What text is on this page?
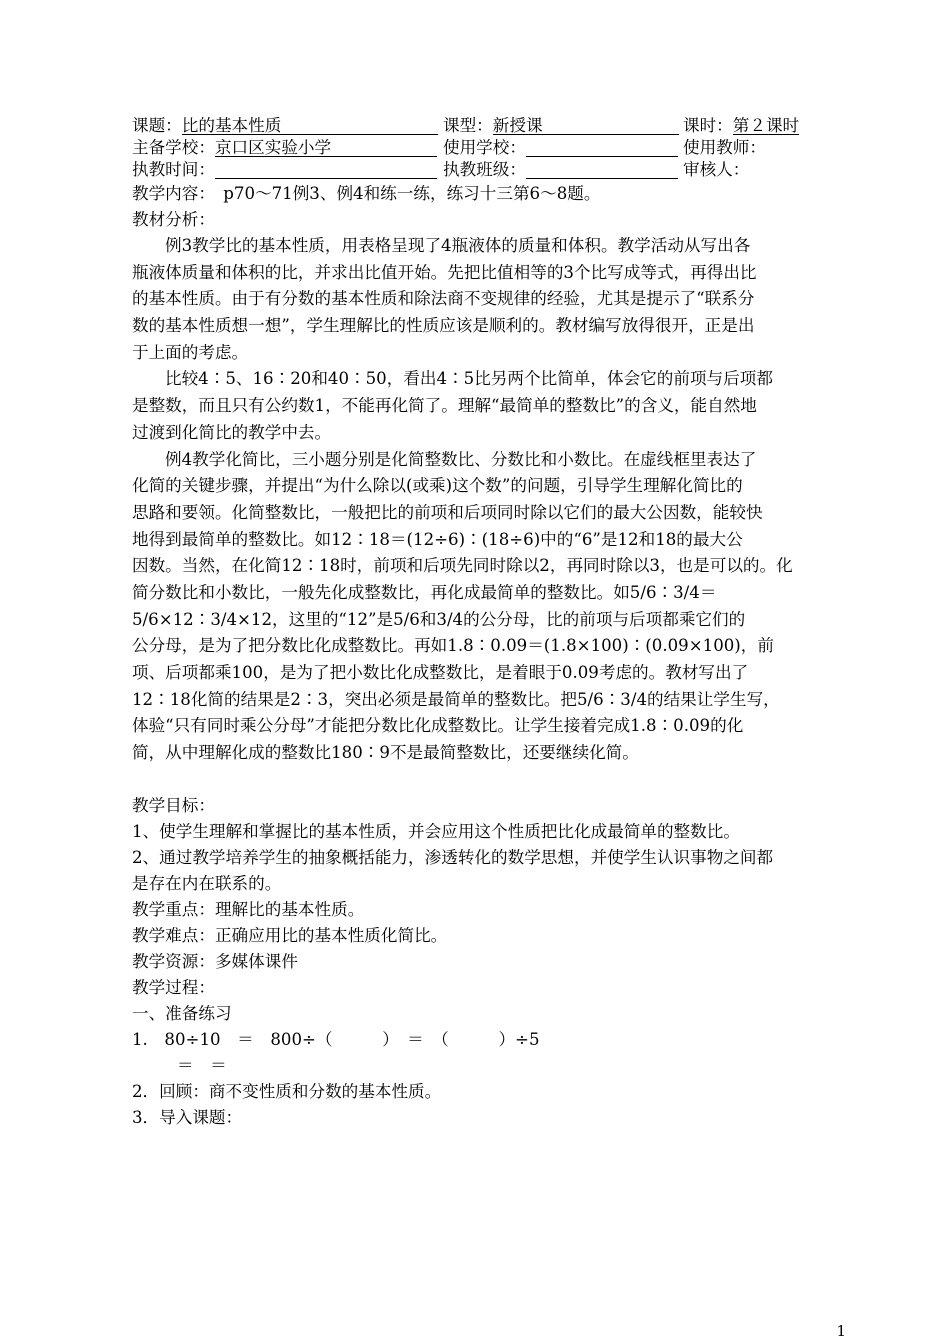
课题： 比的基本性质	课型： 新授课	课时： 第２课时
主备学校： 京口区实验小学	使用学校：	使用教师：
执教时间：	执教班级：	审核人：
教学内容：　p70～71例3、例4和练一练，练习十三第6～8题。
教材分析：
例3教学比的基本性质，用表格呈现了4瓶液体的质量和体积。教学活动从写出各
瓶液体质量和体积的比，并求出比值开始。先把比值相等的3个比写成等式，再得出比
的基本性质。由于有分数的基本性质和除法商不变规律的经验，尤其是提示了“联系分
数的基本性质想一想”，学生理解比的性质应该是顺利的。教材编写放得很开，正是出
于上面的考虑。
比较4∶5、16∶20和40∶50，看出4∶5比另两个比简单，体会它的前项与后项都
是整数，而且只有公约数1，不能再化简了。理解“最简单的整数比”的含义，能自然地
过渡到化简比的教学中去。
例4教学化简比，三小题分别是化简整数比、分数比和小数比。在虚线框里表达了
化简的关键步骤，并提出“为什么除以(或乘)这个数”的问题，引导学生理解化简比的
思路和要领。化简整数比，一般把比的前项和后项同时除以它们的最大公因数，能较快
地得到最简单的整数比。如12∶18＝(12÷6)∶(18÷6)中的“6”是12和18的最大公
因数。当然，在化简12∶18时，前项和后项先同时除以2，再同时除以3，也是可以的。化
简分数比和小数比，一般先化成整数比，再化成最简单的整数比。如5/6∶3/4＝
5/6×12∶3/4×12，这里的“12”是5/6和3/4的公分母，比的前项与后项都乘它们的
公分母，是为了把分数比化成整数比。再如1.8∶0.09＝(1.8×100)∶(0.09×100)，前
项、后项都乘100，是为了把小数比化成整数比，是着眼于0.09考虑的。教材写出了
12∶18化简的结果是2∶3，突出必须是最简单的整数比。把5/6∶3/4的结果让学生写，
体验“只有同时乘公分母”才能把分数比化成整数比。让学生接着完成1.8∶0.09的化
简，从中理解化成的整数比180∶9不是最简整数比，还要继续化简。
教学目标：
1、使学生理解和掌握比的基本性质，并会应用这个性质把比化成最简单的整数比。
2、通过教学培养学生的抽象概括能力，渗透转化的数学思想，并使学生认识事物之间都
是存在内在联系的。
教学重点：理解比的基本性质。
教学难点：正确应用比的基本性质化简比。
教学资源：多媒体课件
教学过程：
一、准备练习
1.　80÷10　＝　800÷（　　　）　＝　（　　　）÷5
＝　＝
2．回顾：商不变性质和分数的基本性质。
3．导入课题：
1
